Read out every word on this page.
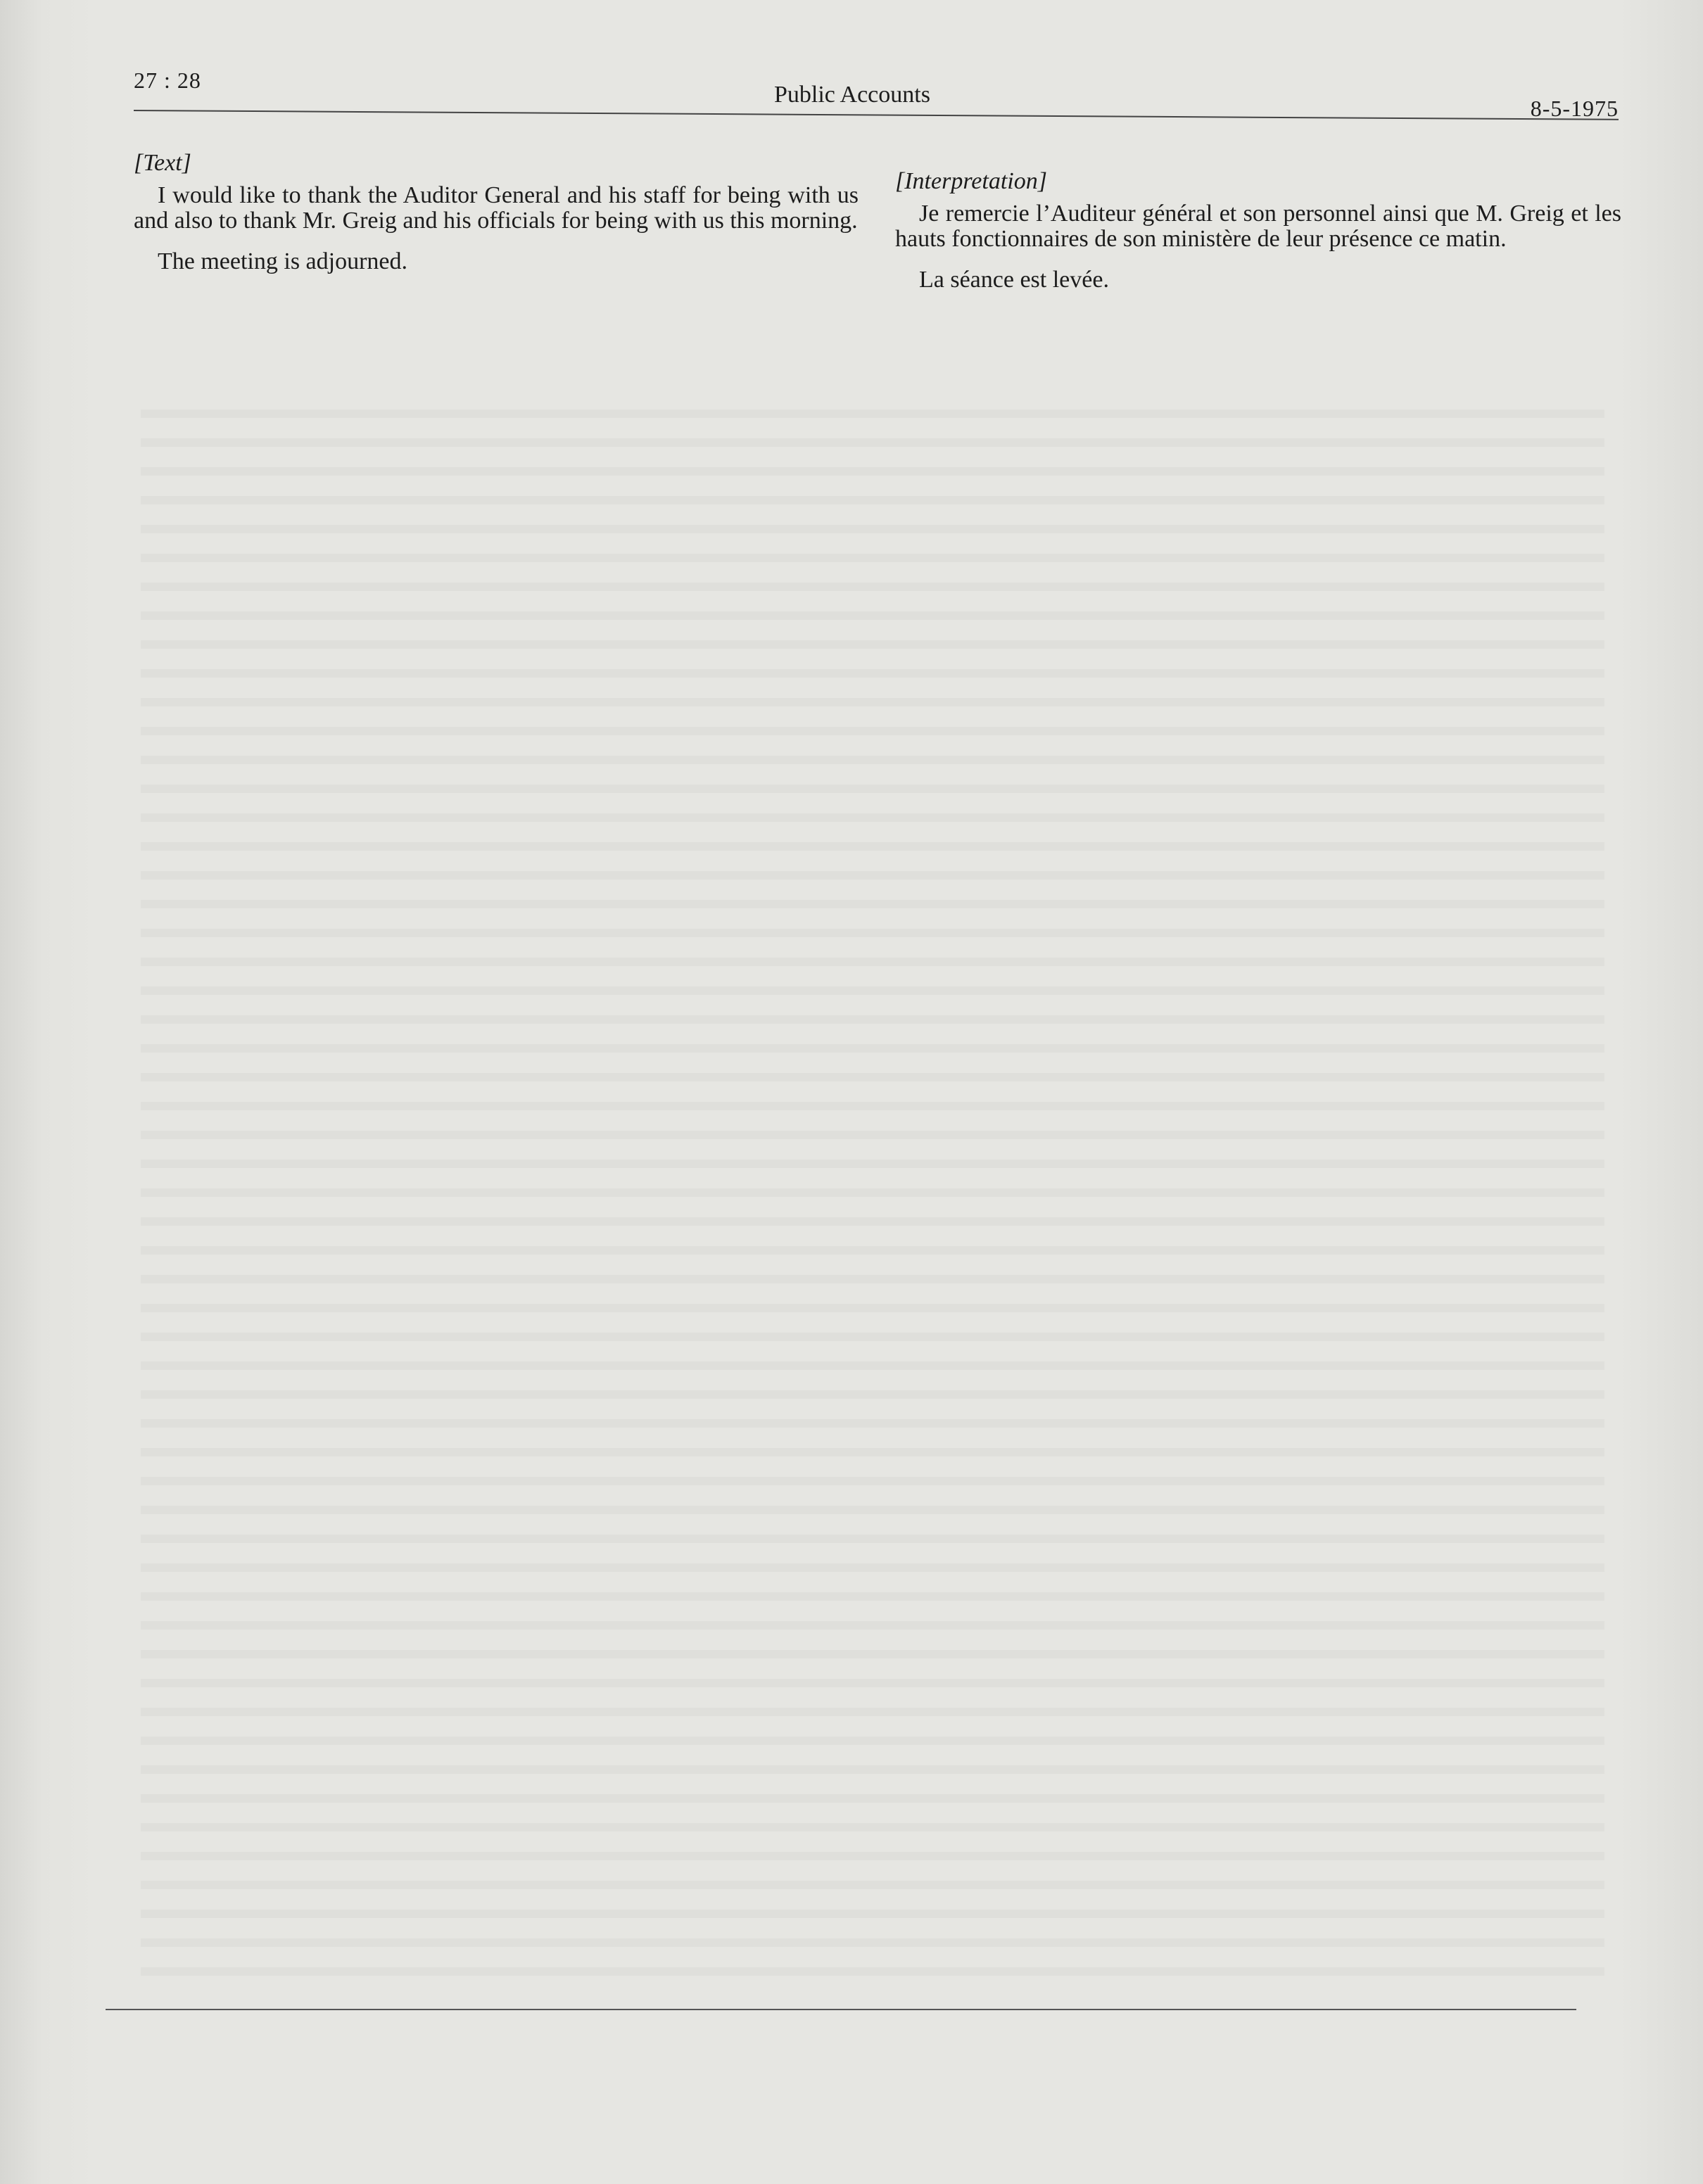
27 : 28
Public Accounts
8-5-1975
[Text]

I would like to thank the Auditor General and his staff for being with us and also to thank Mr. Greig and his officials for being with us this morning.

The meeting is adjourned.

[Interpretation]

Je remercie l’Auditeur général et son personnel ainsi que M. Greig et les hauts fonctionnaires de son ministère de leur présence ce matin.

La séance est levée.
